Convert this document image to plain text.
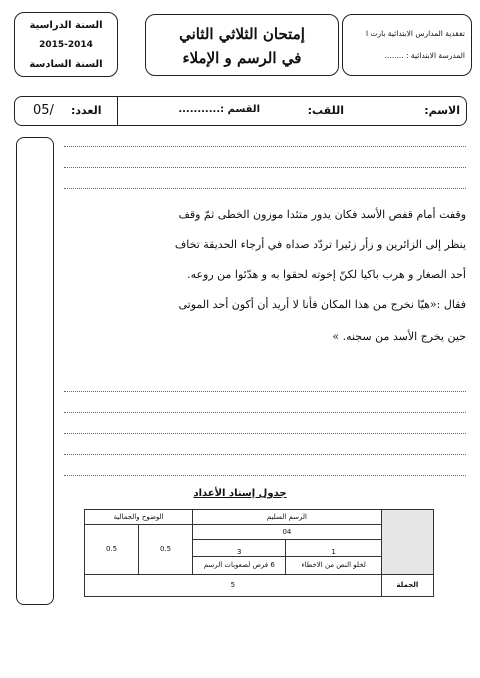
تفقدية المدارس الابتدائية بارت ا
المدرسة الابتدائية : ........
إمتحان الثلاثي الثاني
في الرسم و الإملاء
السنة الدراسية
2015-2014
السنة السادسة
الاسم:
اللقب:
القسم :...........
العدد:
05/
وقفت أمام قفص الأسد فكان يدور متئدا موزون الخطى ثمّ وقف
ينظر إلى الزائرين و زأر زئيرا تردّد صداه في أرجاء الحديقة تخاف
أحد الصغار و هرب باكيا لكنّ إخوته لحقوا به و هدّئوا من روعه.
فقال :«هيّا نخرج من هذا المكان فأنا لا أريد أن أكون أحد الموتى
حين يخرج الأسد من سجنه. »
جدول إسناد الأعداد
	الرسم السليم		الوضوح والجمالية	
	04		0.5	0.5
	1	3		
	لخلو النص من الاخطاء	6 فرص لصعوبات الرسم		
الجملة	5			
